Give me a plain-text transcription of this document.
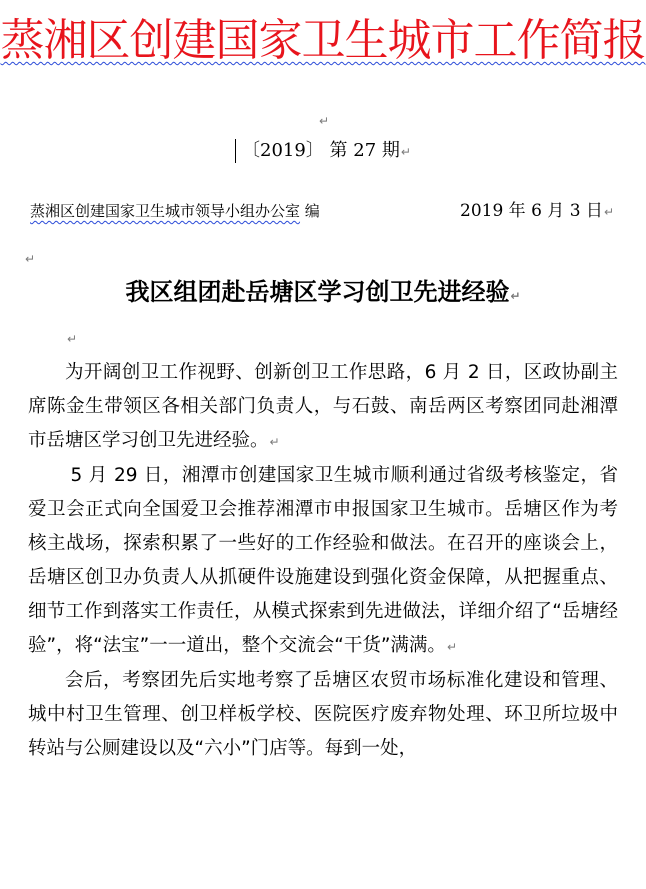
蒸湘区创建国家卫生城市工作简报↵
〔2019〕 第 27 期↵
蒸湘区创建国家卫生城市领导小组办公室 编	2019 年 6 月 3 日↵
↵
我区组团赴岳塘区学习创卫先进经验↵
↵

为开阔创卫工作视野、创新创卫工作思路，6 月 2 日，区政协副主席陈金生带领区各相关部门负责人，与石鼓、南岳两区考察团同赴湘潭市岳塘区学习创卫先进经验。↵

5 月 29 日，湘潭市创建国家卫生城市顺利通过省级考核鉴定，省爱卫会正式向全国爱卫会推荐湘潭市申报国家卫生城市。岳塘区作为考核主战场，探索积累了一些好的工作经验和做法。在召开的座谈会上，岳塘区创卫办负责人从抓硬件设施建设到强化资金保障，从把握重点、细节工作到落实工作责任，从模式探索到先进做法，详细介绍了“岳塘经验”，将“法宝”一一道出，整个交流会“干货”满满。↵

会后，考察团先后实地考察了岳塘区农贸市场标准化建设和管理、城中村卫生管理、创卫样板学校、医院医疗废弃物处理、环卫所垃圾中转站与公厕建设以及“六小”门店等。每到一处，
